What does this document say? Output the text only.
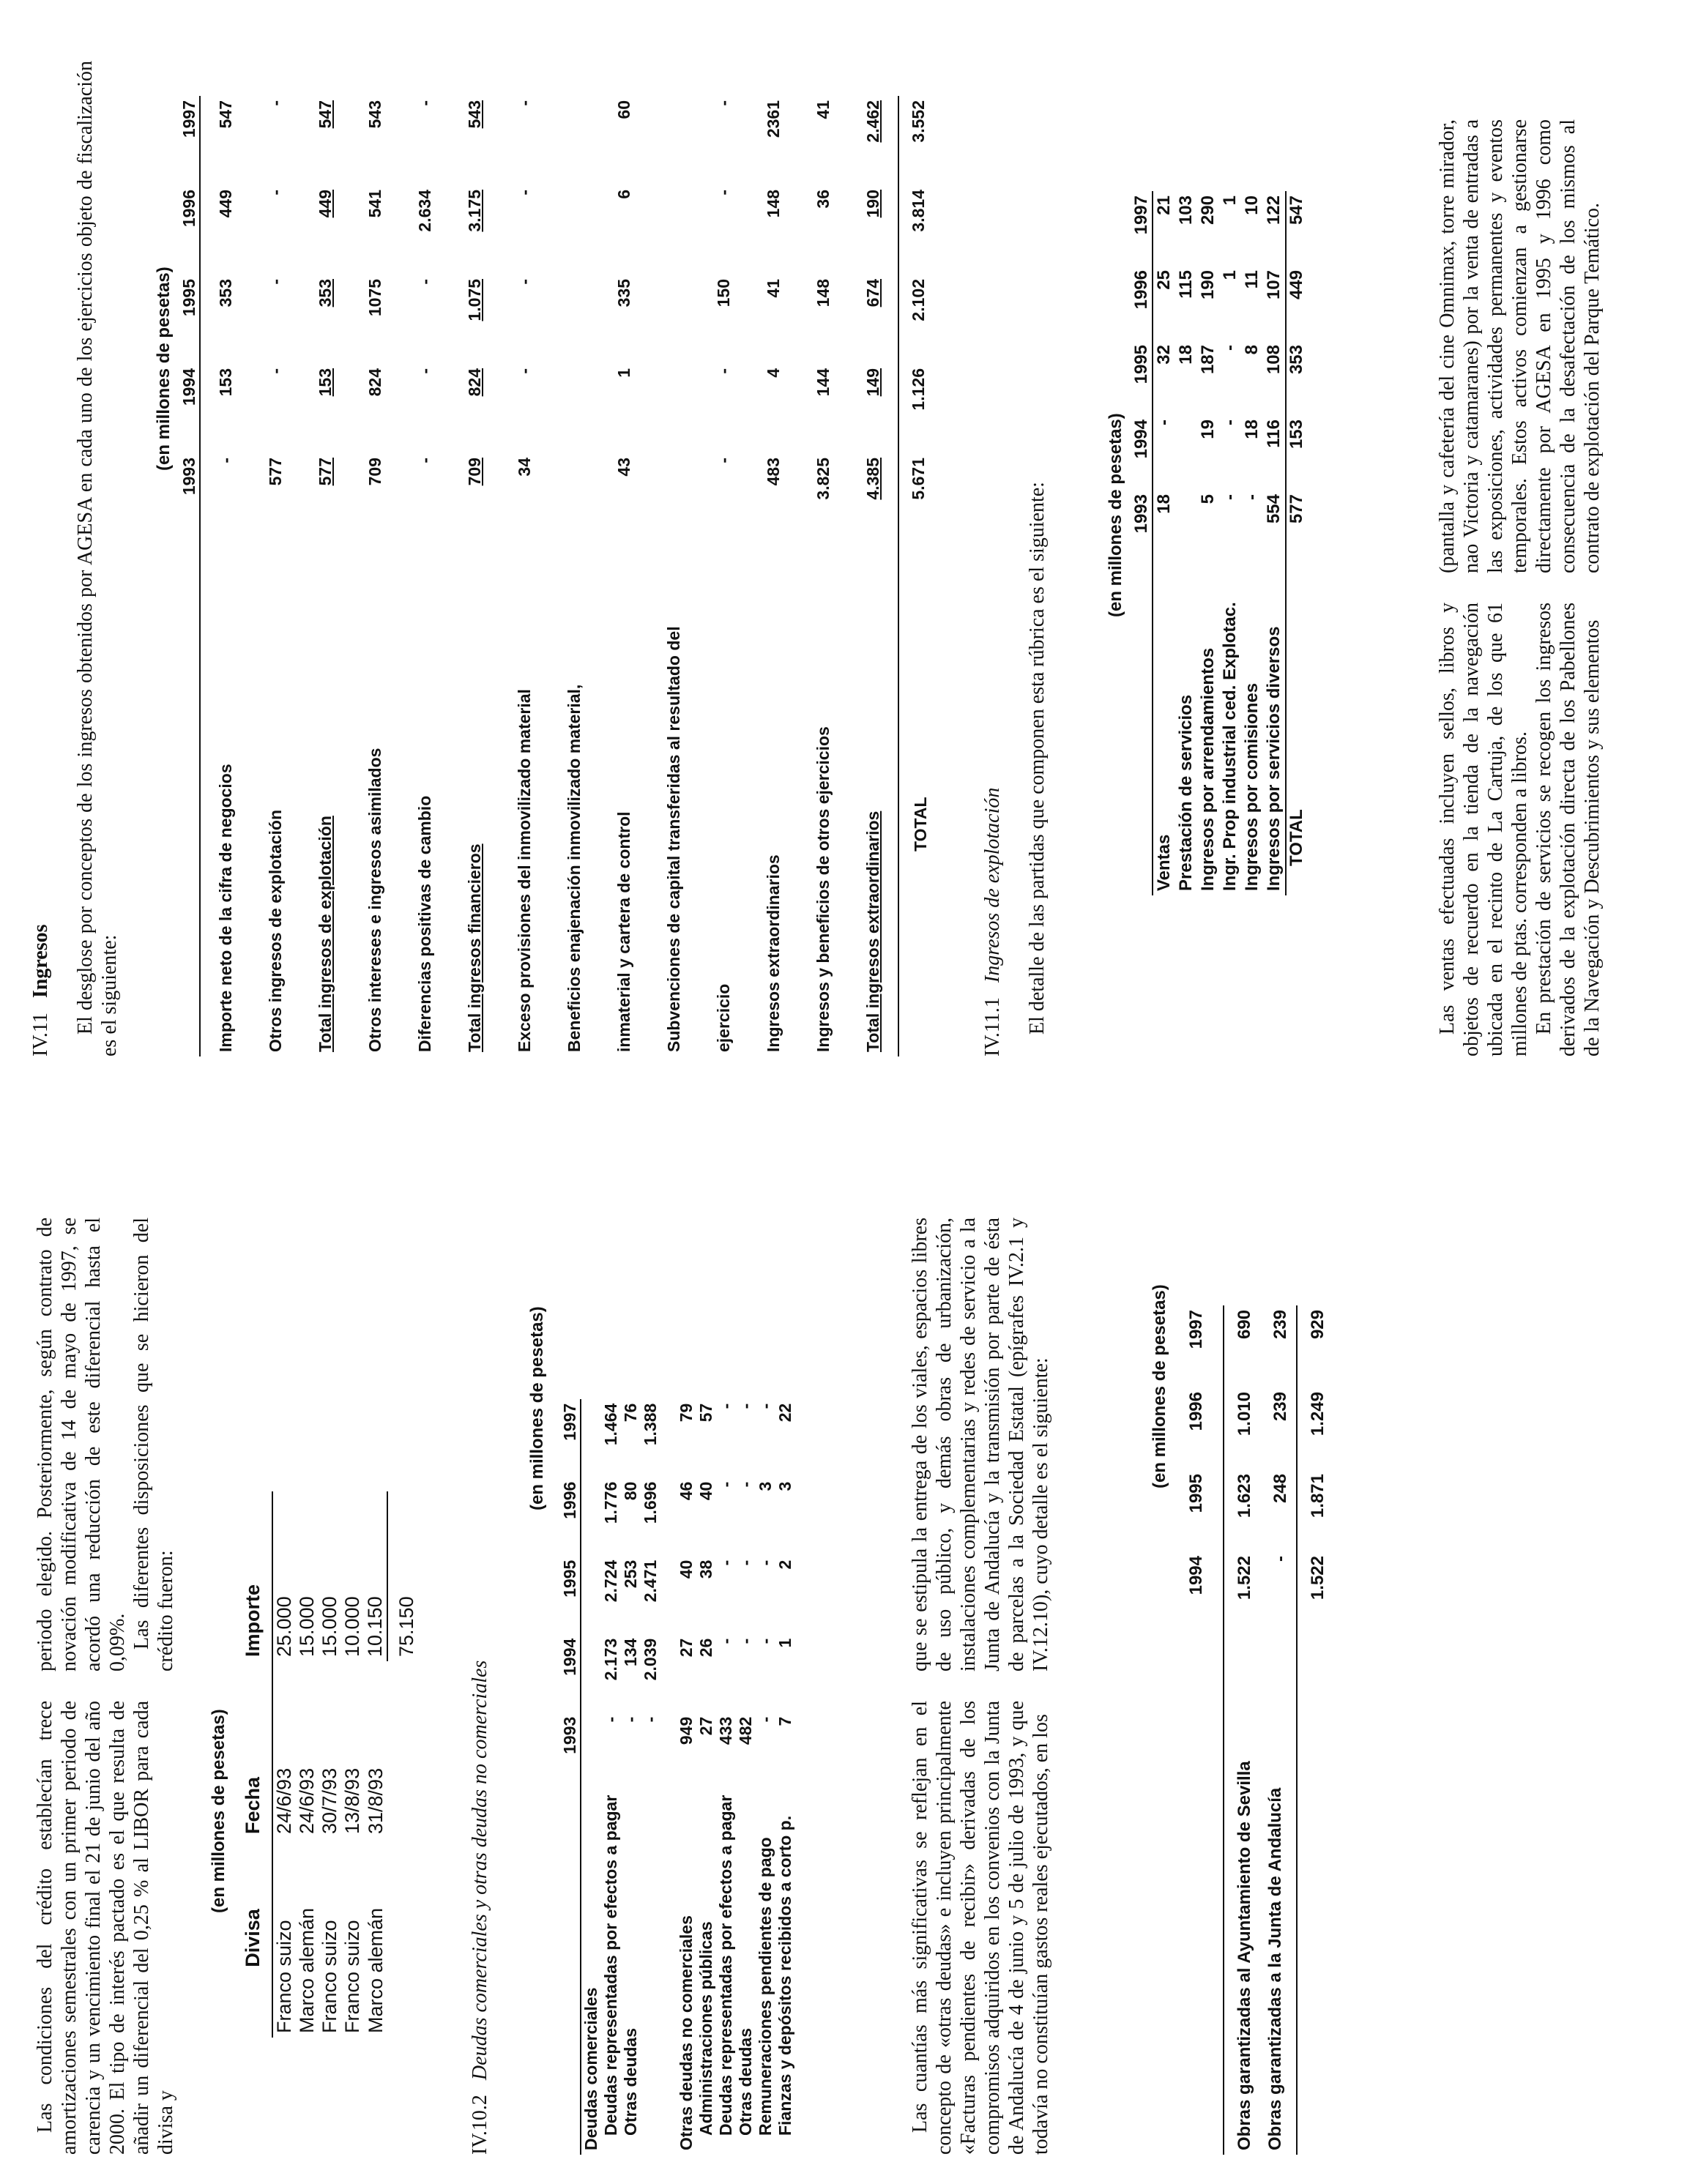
Las condiciones del crédito establecían trece amortizaciones semestrales con un primer periodo de carencia y un vencimiento final el 21 de junio del año 2000. El tipo de interés pactado es el que resulta de añadir un diferencial del 0,25 % al LIBOR para cada divisa y

periodo elegido. Posteriormente, según contrato de novación modificativa de 14 de mayo de 1997, se acordó una reducción de este diferencial hasta el 0,09%. Las diferentes disposiciones que se hicieron del crédito fueron:

(en millones de pesetas)
Divisa	Fecha	Importe
Franco suizo	24/6/93	25.000
Marco alemán	24/6/93	15.000
Franco suizo	30/7/93	15.000
Franco suizo	13/8/93	10.000
Marco alemán	31/8/93	10.150
		75.150
IV.10.2Deudas comerciales y otras deudas no comerciales
(en millones de pesetas)
	1993	1994	1995	1996	1997
Deudas comerciales					
Deudas representadas por efectos a pagar	-	2.173	2.724	1.776	1.464
Otras deudas	-	134	253	80	76
	-	2.039	2.471	1.696	1.388

Otras deudas no comerciales	949	27	40	46	79
Administraciones públicas	27	26	38	40	57
Deudas representadas por efectos a pagar	433	-	-	-	-
Otras deudas	482	-	-	-	-
Remuneraciones pendientes de pago	-	-	-	3	-
Fianzas y depósitos recibidos a corto p.	7	1	2	3	22

Las cuantías más significativas se reflejan en el concepto de «otras deudas» e incluyen principalmente «Facturas pendientes de recibir» derivadas de los compromisos adquiridos en los convenios con la Junta de Andalucía de 4 de junio y 5 de julio de 1993, y que todavía no constituían gastos reales ejecutados, en los

que se estipula la entrega de los viales, espacios libres de uso público, y demás obras de urbanización, instalaciones complementarias y redes de servicio a la Junta de Andalucía y la transmisión por parte de ésta de parcelas a la Sociedad Estatal (epígrafes IV.2.1 y IV.12.10), cuyo detalle es el siguiente:	(en millones de pesetas)
	1994	1995	1996	1997

Obras garantizadas al Ayuntamiento de Sevilla	1.522	1.623	1.010	690
Obras garantizadas a la Junta de Andalucía	-	248	239	239
	1.522	1.871	1.249	929
IV.11Ingresos El desglose por conceptos de los ingresos obtenidos por AGESA en cada uno de los ejercicios objeto de fiscalización es el siguiente:

(en millones de pesetas)
	1993	1994	1995	1996	1997
Importe neto de la cifra de negocios	-	153	353	449	547
Otros ingresos de explotación	577	-	-	-	-
Total ingresos de explotación	577	153	353	449	547
Otros intereses e ingresos asimilados	709	824	1075	541	543
Diferencias positivas de cambio	-	-	-	2.634	-
Total ingresos financieros	709	824	1.075	3.175	543
Exceso provisiones del inmovilizado material	34	-	-	-	-
Beneficios enajenación inmovilizado material,					
inmaterial y cartera de control	43	1	335	6	60
Subvenciones de capital transferidas al resultado del					
ejercicio	-	-	150	-	-
Ingresos extraordinarios	483	4	41	148	2361
Ingresos y beneficios de otros ejercicios	3.825	144	148	36	41
Total ingresos extraordinarios	4.385	149	674	190	2.462
TOTAL	5.671	1.126	2.102	3.814	3.552
IV.11.1Ingresos de explotación El detalle de las partidas que componen esta rúbrica es el siguiente:	(en millones de pesetas)
	1993	1994	1995	1996	1997
Ventas	18	-	32	25	21
Prestación de servicios			18	115	103
Ingresos por arrendamientos	5	19	187	190	290
Ingr. Prop industrial ced. Explotac.	-	-	-	1	1
Ingresos por comisiones	-	18	8	11	10
Ingresos por servicios diversos	554	116	108	107	122
TOTAL	577	153	353	449	547

Las ventas efectuadas incluyen sellos, libros y objetos de recuerdo en la tienda de la navegación ubicada en el recinto de La Cartuja, de los que 61 millones de ptas. corresponden a libros. En prestación de servicios se recogen los ingresos derivados de la explotación directa de los Pabellones de la Navegación y Descubrimientos y sus elementos

(pantalla y cafetería del cine Omnimax, torre mirador, nao Victoria y catamaranes) por la venta de entradas a las exposiciones, actividades permanentes y eventos temporales. Estos activos comienzan a gestionarse directamente por AGESA en 1995 y 1996 como consecuencia de la desafectación de los mismos al contrato de explotación del Parque Temático.
